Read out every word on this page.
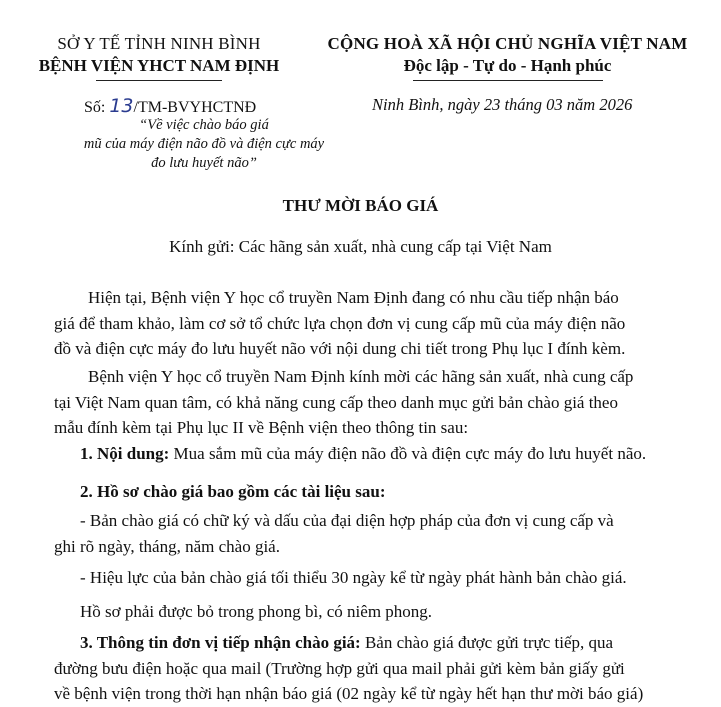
SỞ Y TẾ TỈNH NINH BÌNH
BỆNH VIỆN YHCT NAM ĐỊNH
CỘNG HOÀ XÃ HỘI CHỦ NGHĨA VIỆT NAM
Độc lập - Tự do - Hạnh phúc
Số: 13/TM-BVYHCTNĐ
“Về việc chào báo giá
mũ của máy điện não đồ và điện cực máy
đo lưu huyết não”
Ninh Bình, ngày 23 tháng 03 năm 2026
THƯ MỜI BÁO GIÁ
Kính gửi: Các hãng sản xuất, nhà cung cấp tại Việt Nam
Hiện tại, Bệnh viện Y học cổ truyền Nam Định đang có nhu cầu tiếp nhận báo
giá để tham khảo, làm cơ sở tổ chức lựa chọn đơn vị cung cấp mũ của máy điện não
đồ và điện cực máy đo lưu huyết não với nội dung chi tiết trong Phụ lục I đính kèm.
Bệnh viện Y học cổ truyền Nam Định kính mời các hãng sản xuất, nhà cung cấp
tại Việt Nam quan tâm, có khả năng cung cấp theo danh mục gửi bản chào giá theo
mẫu đính kèm tại Phụ lục II về Bệnh viện theo thông tin sau:
1. Nội dung: Mua sắm mũ của máy điện não đồ và điện cực máy đo lưu huyết não.
2. Hồ sơ chào giá bao gồm các tài liệu sau:
- Bản chào giá có chữ ký và dấu của đại diện hợp pháp của đơn vị cung cấp và
ghi rõ ngày, tháng, năm chào giá.
- Hiệu lực của bản chào giá tối thiểu 30 ngày kể từ ngày phát hành bản chào giá.
Hồ sơ phải được bỏ trong phong bì, có niêm phong.
3. Thông tin đơn vị tiếp nhận chào giá: Bản chào giá được gửi trực tiếp, qua
đường bưu điện hoặc qua mail (Trường hợp gửi qua mail phải gửi kèm bản giấy gửi
về bệnh viện trong thời hạn nhận báo giá (02 ngày kể từ ngày hết hạn thư mời báo giá)
